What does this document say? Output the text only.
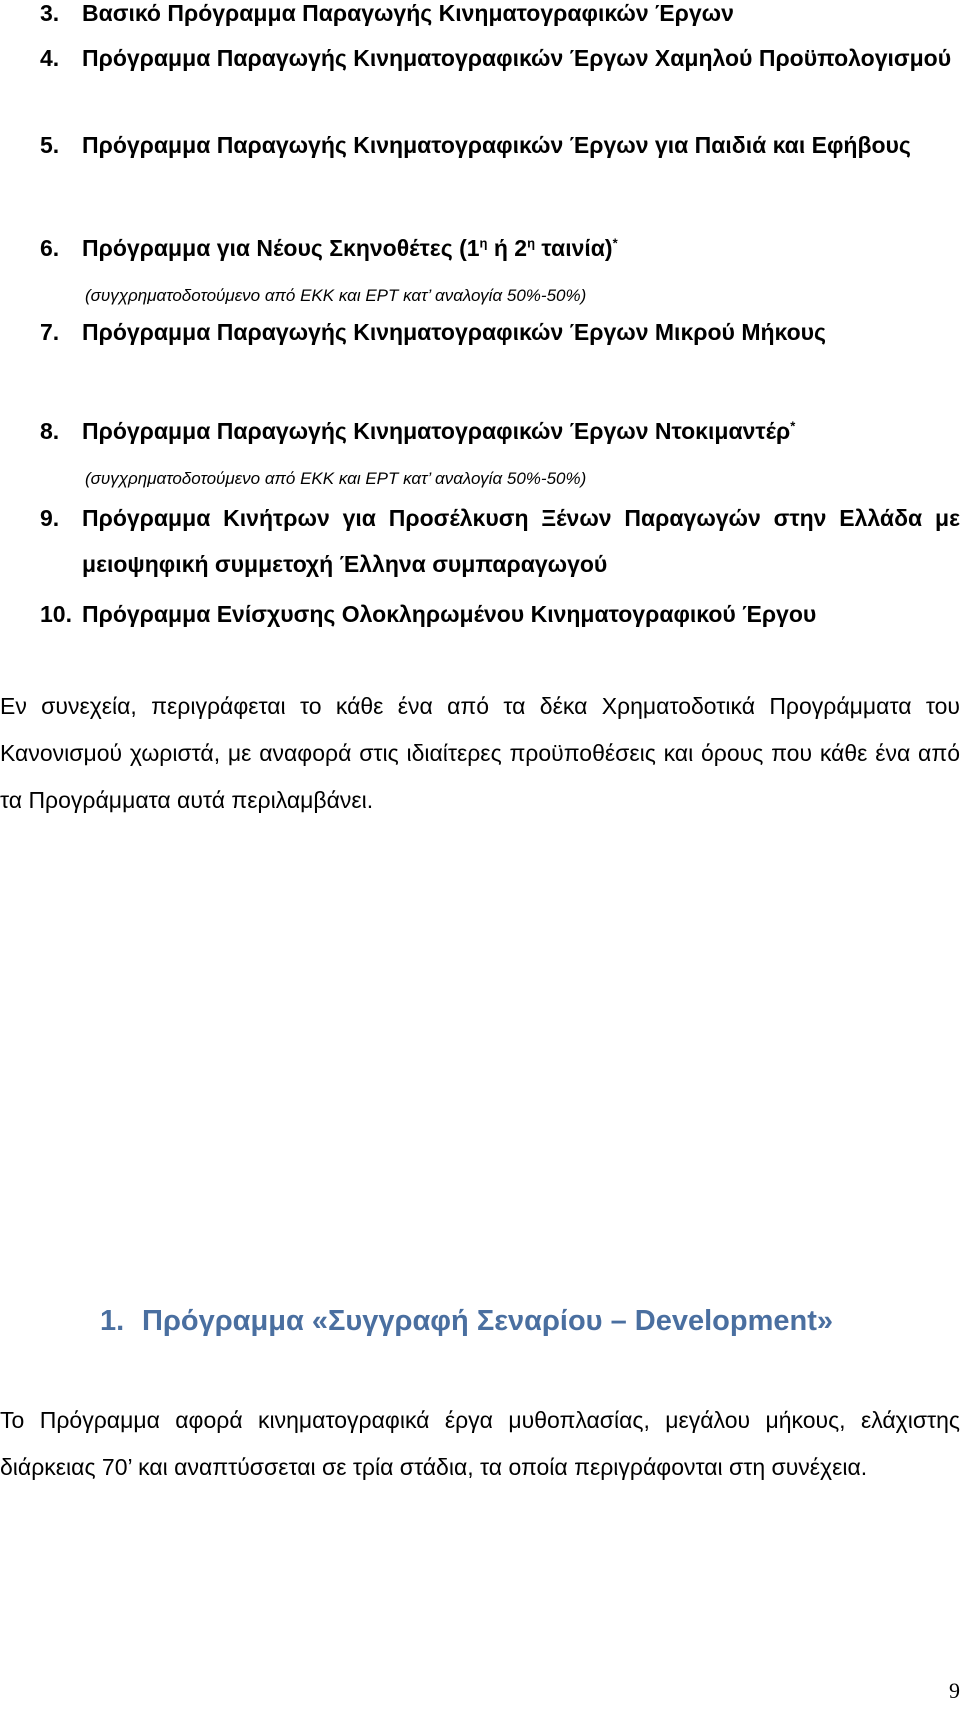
3. Βασικό Πρόγραμμα Παραγωγής Κινηματογραφικών Έργων
4. Πρόγραμμα Παραγωγής Κινηματογραφικών Έργων Χαμηλού Προϋπολογισμού
5. Πρόγραμμα Παραγωγής Κινηματογραφικών Έργων για Παιδιά και Εφήβους
6. Πρόγραμμα για Νέους Σκηνοθέτες ($1^\eta$ ή $2^\eta$ ταινία)*
(συγχρηματοδοτούμενο από ΕΚΚ και ΕΡΤ κατ’ αναλογία 50%-50%)
7. Πρόγραμμα Παραγωγής Κινηματογραφικών Έργων Μικρού Μήκους
8. Πρόγραμμα Παραγωγής Κινηματογραφικών Έργων Ντοκιμαντέρ*
(συγχρηματοδοτούμενο από ΕΚΚ και ΕΡΤ κατ’ αναλογία 50%-50%)
9. Πρόγραμμα Κινήτρων για Προσέλκυση Ξένων Παραγωγών στην Ελλάδα με μειοψηφική συμμετοχή Έλληνα συμπαραγωγού
10. Πρόγραμμα Ενίσχυσης Ολοκληρωμένου Κινηματογραφικού Έργου
Εν συνεχεία, περιγράφεται το κάθε ένα από τα δέκα Χρηματοδοτικά Προγράμματα του Κανονισμού χωριστά, με αναφορά στις ιδιαίτερες προϋποθέσεις και όρους που κάθε ένα από τα Προγράμματα αυτά περιλαμβάνει.
1. Πρόγραμμα «Συγγραφή Σεναρίου – Development»
Το Πρόγραμμα αφορά κινηματογραφικά έργα μυθοπλασίας, μεγάλου μήκους, ελάχιστης διάρκειας 70’ και αναπτύσσεται σε τρία στάδια, τα οποία περιγράφονται στη συνέχεια.
9
